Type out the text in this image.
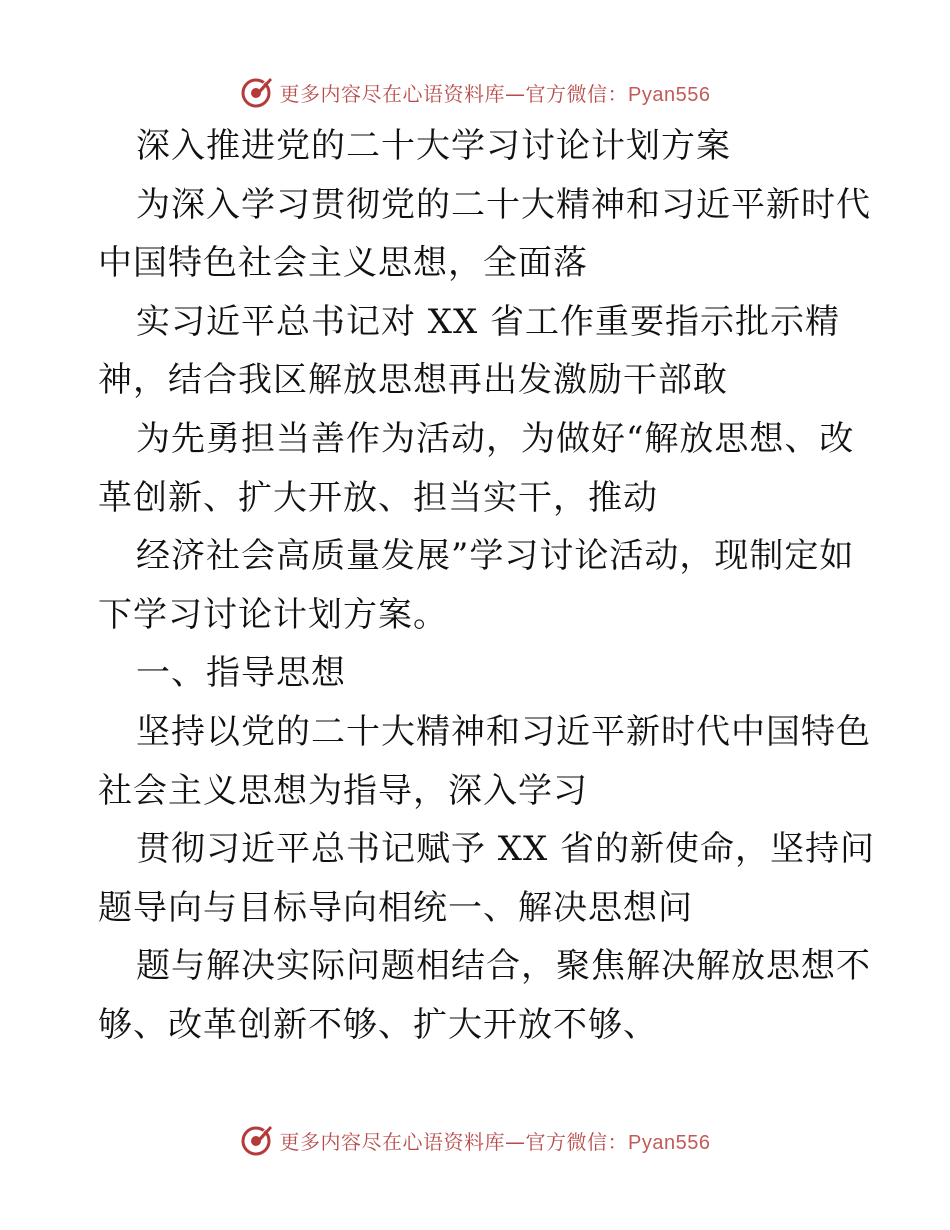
更多内容尽在心语资料库—官方微信：Pyan556
深入推进党的二十大学习讨论计划方案
为深入学习贯彻党的二十大精神和习近平新时代
中国特色社会主义思想，全面落
实习近平总书记对 XX 省工作重要指示批示精
神，结合我区解放思想再出发激励干部敢
为先勇担当善作为活动，为做好“解放思想、改
革创新、扩大开放、担当实干，推动
经济社会高质量发展”学习讨论活动，现制定如
下学习讨论计划方案。
一、指导思想
坚持以党的二十大精神和习近平新时代中国特色
社会主义思想为指导，深入学习
贯彻习近平总书记赋予 XX 省的新使命，坚持问
题导向与目标导向相统一、解决思想问
题与解决实际问题相结合，聚焦解决解放思想不
够、改革创新不够、扩大开放不够、
更多内容尽在心语资料库—官方微信：Pyan556
